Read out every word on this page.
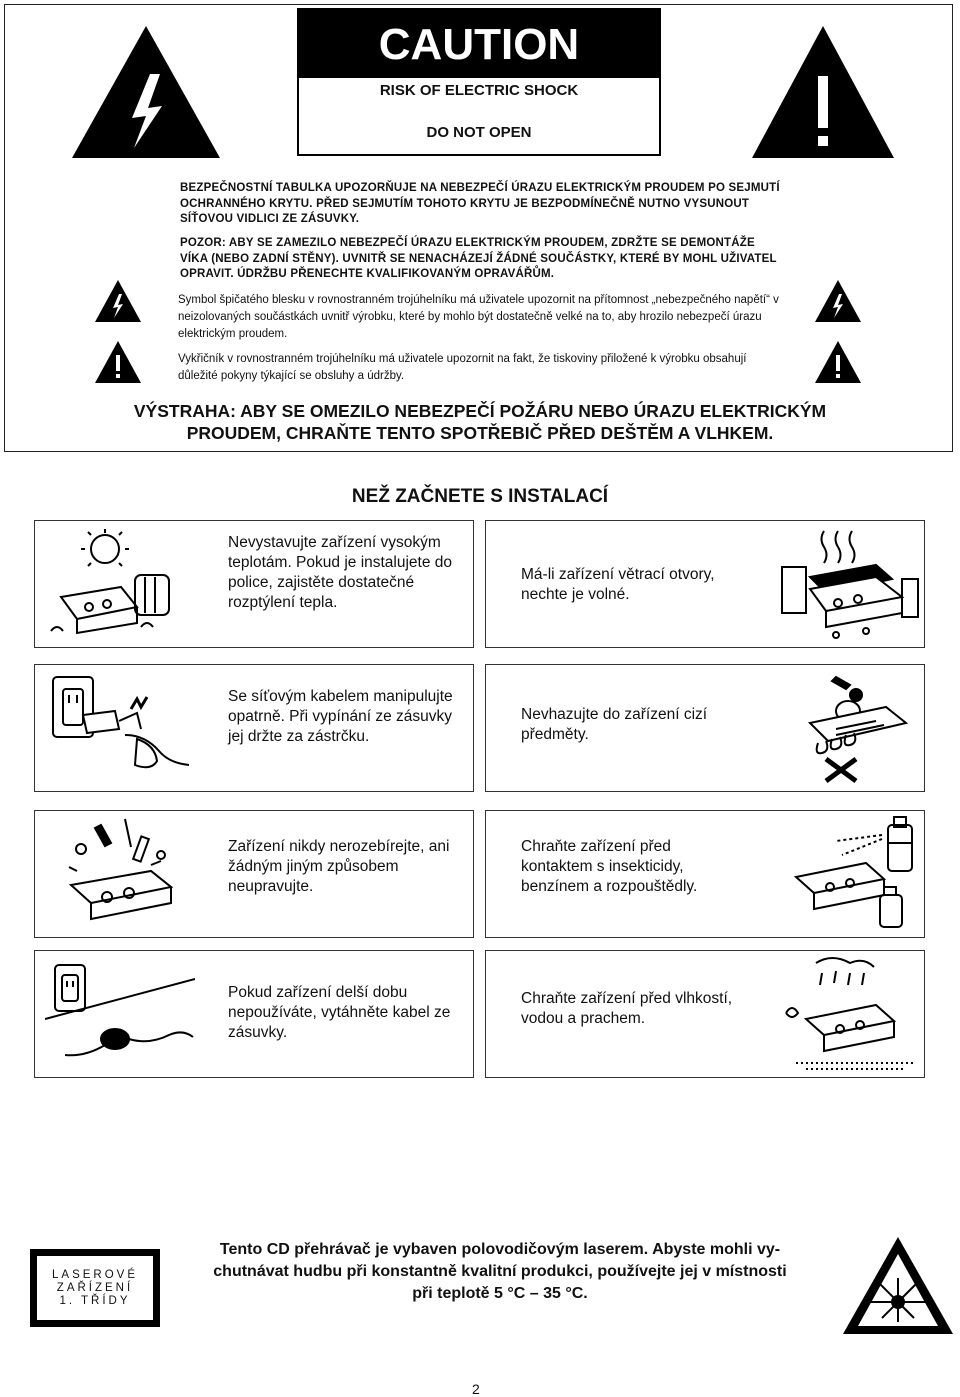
CAUTION
RISK OF ELECTRIC SHOCK
DO NOT OPEN
BEZPEČNOSTNÍ TABULKA UPOZORŇUJE NA NEBEZPEČÍ ÚRAZU ELEKTRICKÝM PROUDEM PO SEJMUTÍ OCHRANNÉHO KRYTU. PŘED SEJMUTÍM TOHOTO KRYTU JE BEZPODMÍNEČNĚ NUTNO VYSUNOUT SÍŤOVOU VIDLICI ZE ZÁSUVKY.
POZOR: ABY SE ZAMEZILO NEBEZPEČÍ ÚRAZU ELEKTRICKÝM PROUDEM, ZDRŽTE SE DEMONTÁŽE VÍKA (NEBO ZADNÍ STĚNY). UVNITŘ SE NENACHÁZEJÍ ŽÁDNÉ SOUČÁSTKY, KTERÉ BY MOHL UŽIVATEL OPRAVIT. ÚDRŽBU PŘENECHTE KVALIFIKOVANÝM OPRAVÁŘŮM.
Symbol špičatého blesku v rovnostranném trojúhelníku má uživatele upozornit na přítomnost „nebezpečného napětí“ v neizolovaných součástkách uvnitř výrobku, které by mohlo být dostatečně velké na to, aby hrozilo nebezpečí úrazu elektrickým proudem.
Vykřičník v rovnostranném trojúhelníku má uživatele upozornit na fakt, že tiskoviny přiložené k výrobku obsahují důležité pokyny týkající se obsluhy a údržby.
VÝSTRAHA: ABY SE OMEZILO NEBEZPEČÍ POŽÁRU NEBO ÚRAZU ELEKTRICKÝM
PROUDEM, CHRAŇTE TENTO SPOTŘEBIČ PŘED DEŠTĚM A VLHKEM.
NEŽ ZAČNETE S INSTALACÍ
Nevystavujte zařízení vysokým teplotám. Pokud je instalujete do police, zajistěte dostatečné rozptýlení tepla.
Má-li zařízení větrací otvory, nechte je volné.
Se síťovým kabelem manipulujte opatrně. Při vypínání ze zásuvky jej držte za zástrčku.
Nevhazujte do zařízení cizí předměty.
Zařízení nikdy nerozebírejte, ani žádným jiným způsobem neupravujte.
Chraňte zařízení před kontaktem s insekticidy, benzínem a rozpouštědly.
Pokud zařízení delší dobu nepoužíváte, vytáhněte kabel ze zásuvky.
Chraňte zařízení před vlhkostí, vodou a prachem.
LASEROVÉ
ZAŘÍZENÍ
1. TŘÍDY
Tento CD přehrávač je vybaven polovodičovým laserem. Abyste mohli vy-
chutnávat hudbu při konstantně kvalitní produkci, používejte jej v místnosti
při teplotě 5 °C – 35 °C.
2
